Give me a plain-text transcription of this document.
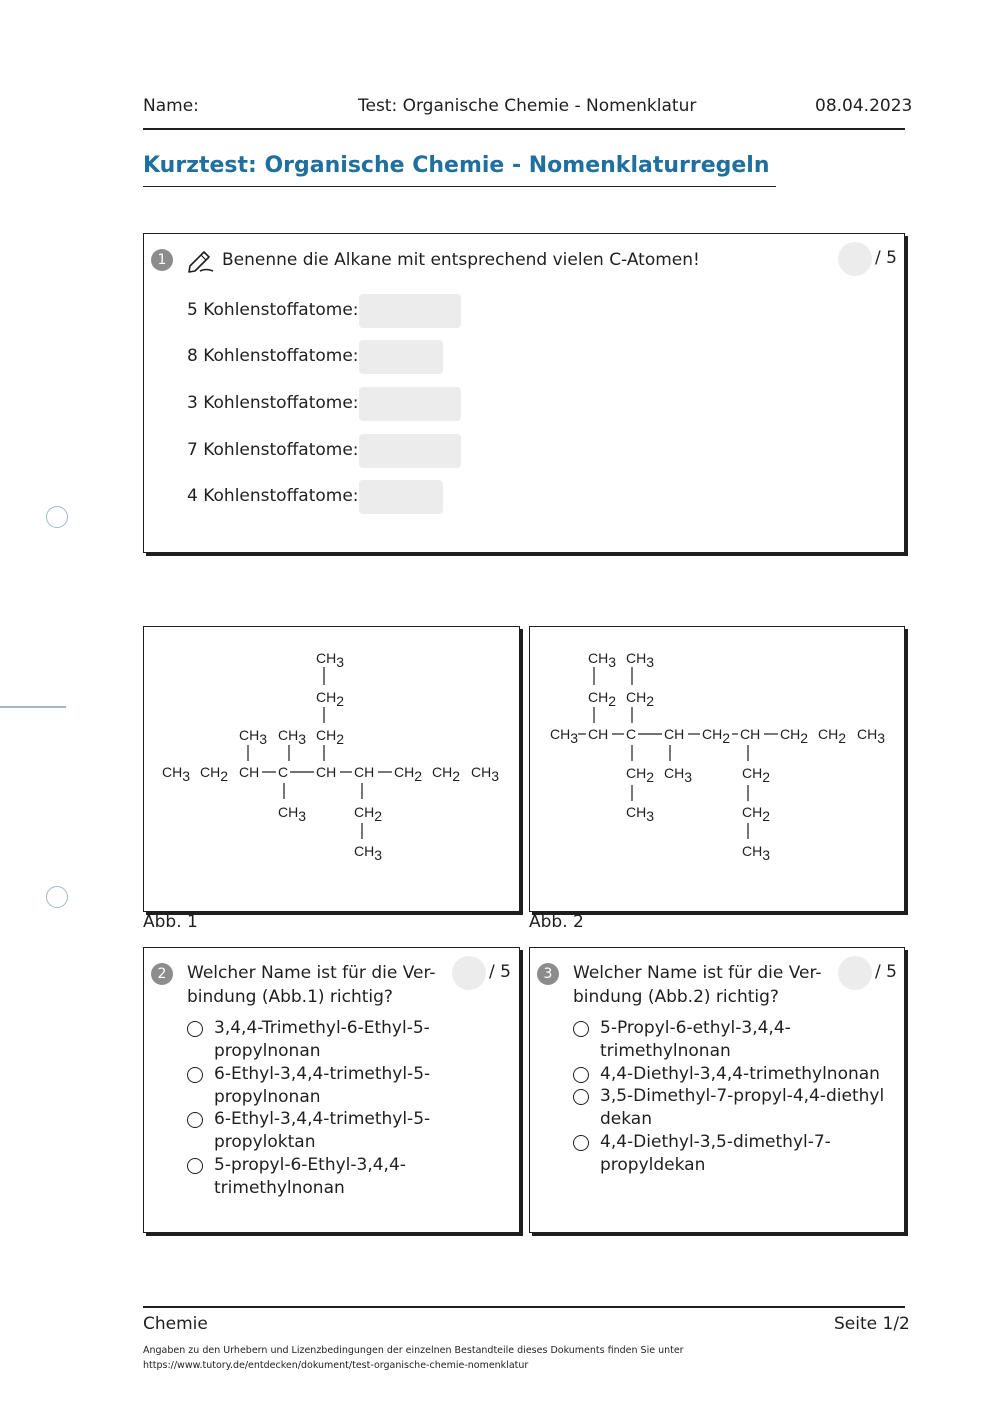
Name:	Test: Organische Chemie - Nomenklatur	08.04.2023
Kurztest: Organische Chemie - Nomenklaturregeln
1	Benenne die Alkane mit entsprechend vielen C-Atomen!	/ 5
5 Kohlenstoffatome:
8 Kohlenstoffatome:
3 Kohlenstoffatome:
7 Kohlenstoffatome:
4 Kohlenstoffatome:
CH3 CH2 CH C CH CH CH2 CH2 CH3
CH3 CH3
CH3
CH2
CH2
CH3
CH2
CH3
Abb. 1
CH3 CH C CH CH2 CH CH2 CH2 CH3
CH2
CH3
CH2
CH3
CH2
CH3
CH3	CH2
CH2
CH3
Abb. 2
2	Welcher Name ist für die Ver-
bindung (Abb.1) richtig?
/ 5
3,4,4-Trimethyl-6-Ethyl-5-
propylnonan
6-Ethyl-3,4,4-trimethyl-5-
propylnonan
6-Ethyl-3,4,4-trimethyl-5-
propyloktan
5-propyl-6-Ethyl-3,4,4-
trimethylnonan
3	Welcher Name ist für die Ver-
bindung (Abb.2) richtig?
/ 5
5-Propyl-6-ethyl-3,4,4-
trimethylnonan
4,4-Diethyl-3,4,4-trimethylnonan
3,5-Dimethyl-7-propyl-4,4-diethyl
dekan
4,4-Diethyl-3,5-dimethyl-7-
propyldekan
Chemie	Seite 1/2
Angaben zu den Urhebern und Lizenzbedingungen der einzelnen Bestandteile dieses Dokuments finden Sie unter
https://www.tutory.de/entdecken/dokument/test-organische-chemie-nomenklatur
